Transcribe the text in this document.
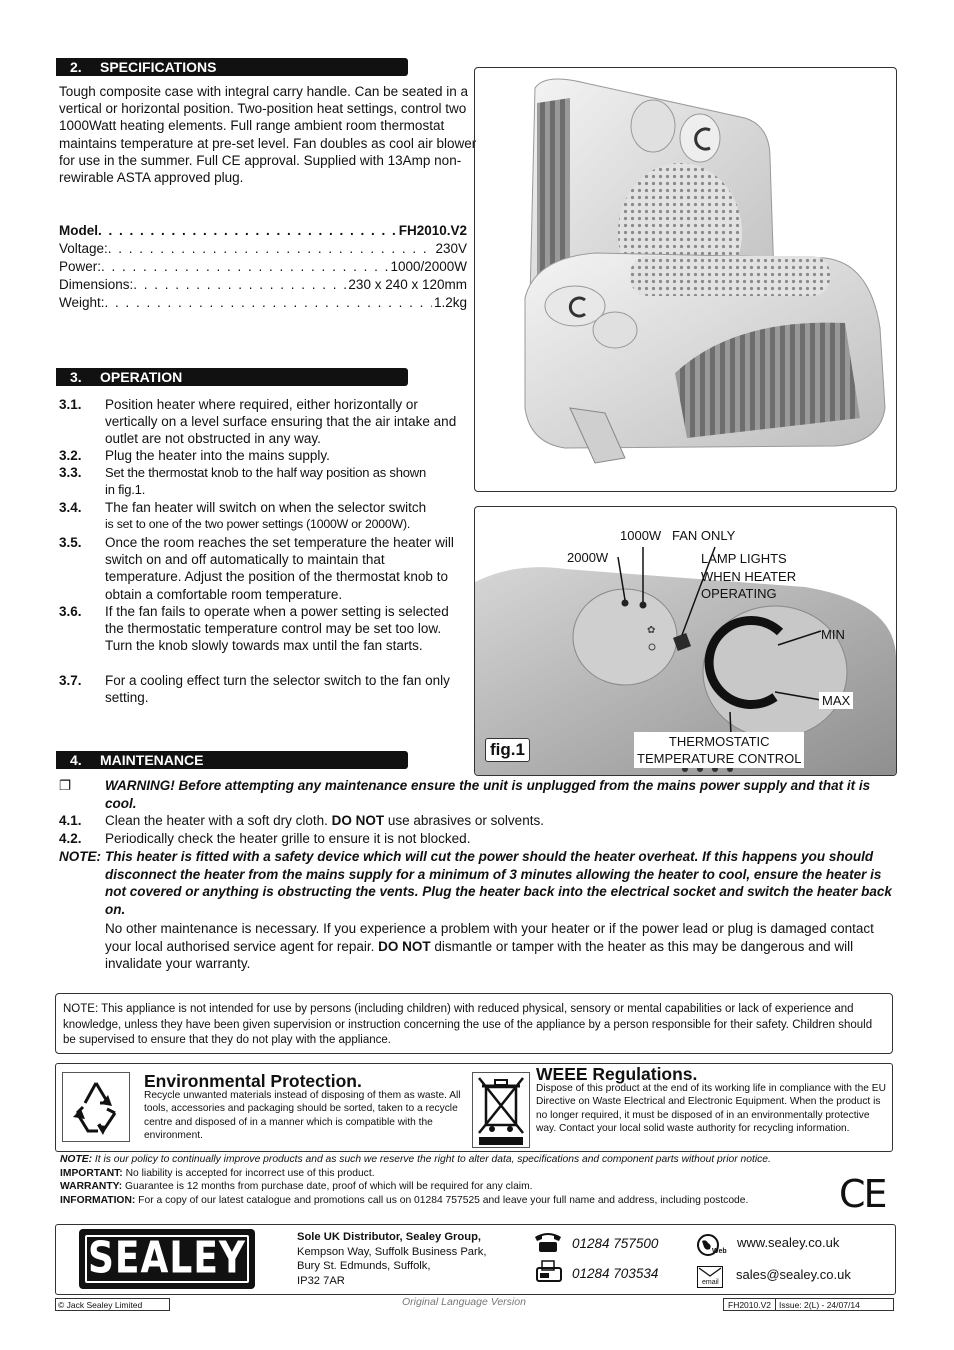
2. SPECIFICATIONS
Tough composite case with integral carry handle. Can be seated in a vertical or horizontal position. Two-position heat settings, control two 1000Watt heating elements. Full range ambient room thermostat maintains temperature at pre-set level. Fan doubles as cool air blower for use in the summer. Full CE approval. Supplied with 13Amp non-rewirable ASTA approved plug.
Model . . .	FH2010.V2
Voltage: . . .	230V
Power: . . .	1000/2000W
Dimensions: . . .	230 x 240 x 120mm
Weight: . . .	1.2kg
3. OPERATION
3.1. Position heater where required, either horizontally or vertically on a level surface ensuring that the air intake and outlet are not obstructed in any way.
3.2. Plug the heater into the mains supply.
3.3. Set the thermostat knob to the half way position as shown in fig.1.
3.4. The fan heater will switch on when the selector switch
is set to one of the two power settings (1000W or 2000W).
3.5. Once the room reaches the set temperature the heater will switch on and off automatically to maintain that temperature. Adjust the position of the thermostat knob to obtain a comfortable room temperature.
3.6. If the fan fails to operate when a power setting is selected the thermostatic temperature control may be set too low. Turn the knob slowly towards max until the fan starts.
3.7. For a cooling effect turn the selector switch to the fan only setting.
✿
1000W FAN ONLY
2000W	LAMP LIGHTS
WHEN HEATER
OPERATING
MIN
MAX
THERMOSTATIC
TEMPERATURE CONTROL
fig.1
4. MAINTENANCE
❐	WARNING! Before attempting any maintenance ensure the unit is unplugged from the mains power supply and that it is cool.
4.1. Clean the heater with a soft dry cloth. DO NOT use abrasives or solvents.
4.2. Periodically check the heater grille to ensure it is not blocked.
NOTE: This heater is fitted with a safety device which will cut the power should the heater overheat. If this happens you should disconnect the heater from the mains supply for a minimum of 3 minutes allowing the heater to cool, ensure the heater is not covered or anything is obstructing the vents. Plug the heater back into the electrical socket and switch the heater back on.
No other maintenance is necessary. If you experience a problem with your heater or if the power lead or plug is damaged contact your local authorised service agent for repair. DO NOT dismantle or tamper with the heater as this may be dangerous and will invalidate your warranty.
NOTE: This appliance is not intended for use by persons (including children) with reduced physical, sensory or mental capabilities or lack of experience and knowledge, unless they have been given supervision or instruction concerning the use of the appliance by a person responsible for their safety. Children should be supervised to ensure that they do not play with the appliance.
Environmental Protection.
Recycle unwanted materials instead of disposing of them as waste. All tools, accessories and packaging should be sorted, taken to a recycle centre and disposed of in a manner which is compatible with the environment.
WEEE Regulations.
Dispose of this product at the end of its working life in compliance with the EU Directive on Waste Electrical and Electronic Equipment. When the product is no longer required, it must be disposed of in an environmentally protective way. Contact your local solid waste authority for recycling information.
NOTE: It is our policy to continually improve products and as such we reserve the right to alter data, specifications and component parts without prior notice.
IMPORTANT: No liability is accepted for incorrect use of this product.
WARRANTY: Guarantee is 12 months from purchase date, proof of which will be required for any claim.
INFORMATION: For a copy of our latest catalogue and promotions call us on 01284 757525 and leave your full name and address, including postcode.	CE
SEALEY	Sole UK Distributor, Sealey Group,
Kempson Way, Suffolk Business Park,
Bury St. Edmunds, Suffolk,
IP32 7AR
01284 757500
01284 703534
Web
www.sealey.co.uk
email
sales@sealey.co.uk
© Jack Sealey Limited	Original Language Version	FH2010.V2 Issue: 2(L) - 24/07/14
